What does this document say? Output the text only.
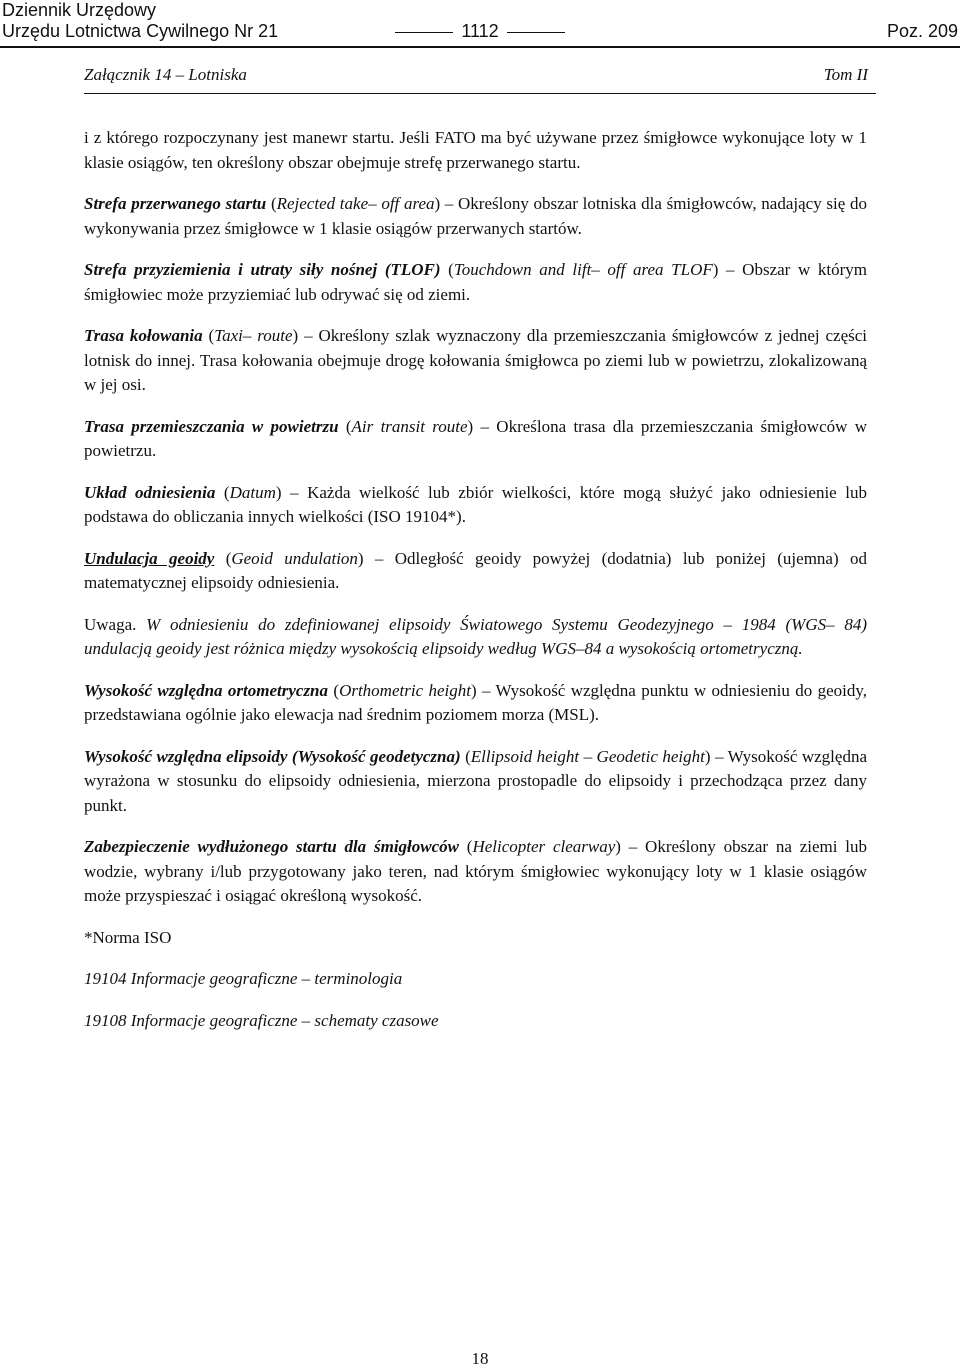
Dziennik Urzędowy
Urzędu Lotnictwa Cywilnego Nr 21	1112	Poz. 209
Załącznik 14 – Lotniska	Tom II

i z którego rozpoczynany jest manewr startu. Jeśli FATO ma być używane przez śmigłowce wykonujące loty w 1 klasie osiągów, ten określony obszar obejmuje strefę przerwanego startu.

Strefa przerwanego startu (Rejected take– off area) – Określony obszar lotniska dla śmigłowców, nadający się do wykonywania przez śmigłowce w 1 klasie osiągów przerwanych startów.

Strefa przyziemienia i utraty siły nośnej (TLOF) (Touchdown and lift– off area TLOF) – Obszar w którym śmigłowiec może przyziemiać lub odrywać się od ziemi.

Trasa kołowania (Taxi– route) – Określony szlak wyznaczony dla przemieszczania śmigłowców z jednej części lotnisk do innej. Trasa kołowania obejmuje drogę kołowania śmigłowca po ziemi lub w powietrzu, zlokalizowaną w jej osi.

Trasa przemieszczania w powietrzu (Air transit route) – Określona trasa dla przemieszczania śmigłowców w powietrzu.

Układ odniesienia (Datum) – Każda wielkość lub zbiór wielkości, które mogą służyć jako odniesienie lub podstawa do obliczania innych wielkości (ISO 19104*).

Undulacja geoidy (Geoid undulation) – Odległość geoidy powyżej (dodatnia) lub poniżej (ujemna) od matematycznej elipsoidy odniesienia.

Uwaga. W odniesieniu do zdefiniowanej elipsoidy Światowego Systemu Geodezyjnego – 1984 (WGS– 84) undulacją geoidy jest różnica między wysokością elipsoidy według WGS–84 a wysokością ortometryczną.

Wysokość względna ortometryczna (Orthometric height) – Wysokość względna punktu w odniesieniu do geoidy, przedstawiana ogólnie jako elewacja nad średnim poziomem morza (MSL).

Wysokość względna elipsoidy (Wysokość geodetyczna) (Ellipsoid height – Geodetic height) – Wysokość względna wyrażona w stosunku do elipsoidy odniesienia, mierzona prostopadle do elipsoidy i przechodząca przez dany punkt.

Zabezpieczenie wydłużonego startu dla śmigłowców (Helicopter clearway) – Określony obszar na ziemi lub wodzie, wybrany i/lub przygotowany jako teren, nad którym śmigłowiec wykonujący loty w 1 klasie osiągów może przyspieszać i osiągać określoną wysokość.

*Norma ISO

19104 Informacje geograficzne – terminologia

19108 Informacje geograficzne – schematy czasowe

18
